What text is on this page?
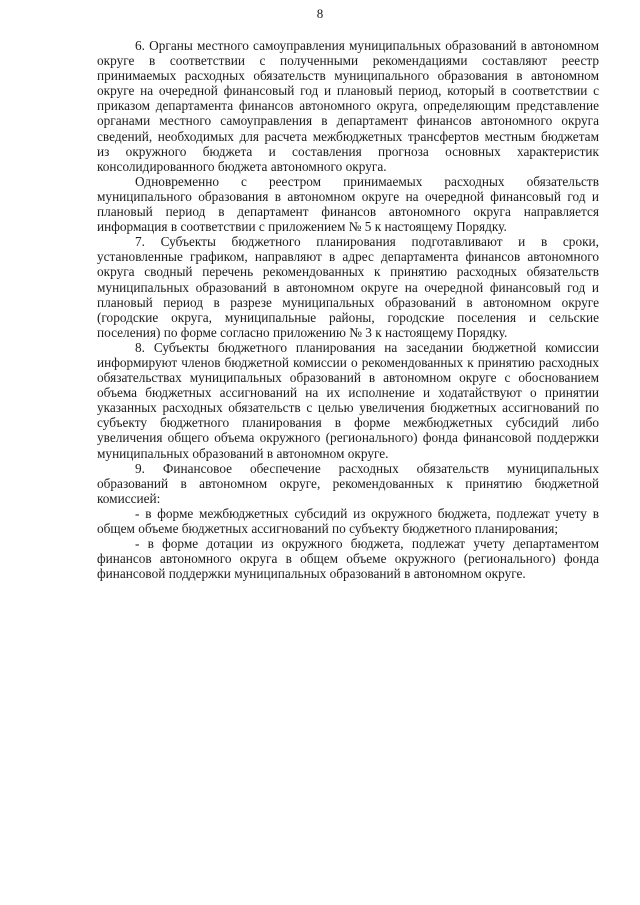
8

6. Органы местного самоуправления муниципальных образований в автономном округе в соответствии с полученными рекомендациями составляют реестр принимаемых расходных обязательств муниципального образования в автономном округе на очередной финансовый год и плановый период, который в соответствии с приказом департамента финансов автономного округа, определяющим представление органами местного самоуправления в департамент финансов автономного округа сведений, необходимых для расчета межбюджетных трансфертов местным бюджетам из окружного бюджета и составления прогноза основных характеристик консолидированного бюджета автономного округа.

Одновременно с реестром принимаемых расходных обязательств муниципального образования в автономном округе на очередной финансовый год и плановый период в департамент финансов автономного округа направляется информация в соответствии с приложением № 5 к настоящему Порядку.

7. Субъекты бюджетного планирования подготавливают и в сроки, установленные графиком, направляют в адрес департамента финансов автономного округа сводный перечень рекомендованных к принятию расходных обязательств муниципальных образований в автономном округе на очередной финансовый год и плановый период в разрезе муниципальных образований в автономном округе (городские округа, муниципальные районы, городские поселения и сельские поселения) по форме согласно приложению № 3 к настоящему Порядку.

8. Субъекты бюджетного планирования на заседании бюджетной комиссии информируют членов бюджетной комиссии о рекомендованных к принятию расходных обязательствах муниципальных образований в автономном округе с обоснованием объема бюджетных ассигнований на их исполнение и ходатайствуют о принятии указанных расходных обязательств с целью увеличения бюджетных ассигнований по субъекту бюджетного планирования в форме межбюджетных субсидий либо увеличения общего объема окружного (регионального) фонда финансовой поддержки муниципальных образований в автономном округе.

9. Финансовое обеспечение расходных обязательств муниципальных образований в автономном округе, рекомендованных к принятию бюджетной комиссией:

- в форме межбюджетных субсидий из окружного бюджета, подлежат учету в общем объеме бюджетных ассигнований по субъекту бюджетного планирования;

- в форме дотации из окружного бюджета, подлежат учету департаментом финансов автономного округа в общем объеме окружного (регионального) фонда финансовой поддержки муниципальных образований в автономном округе.
